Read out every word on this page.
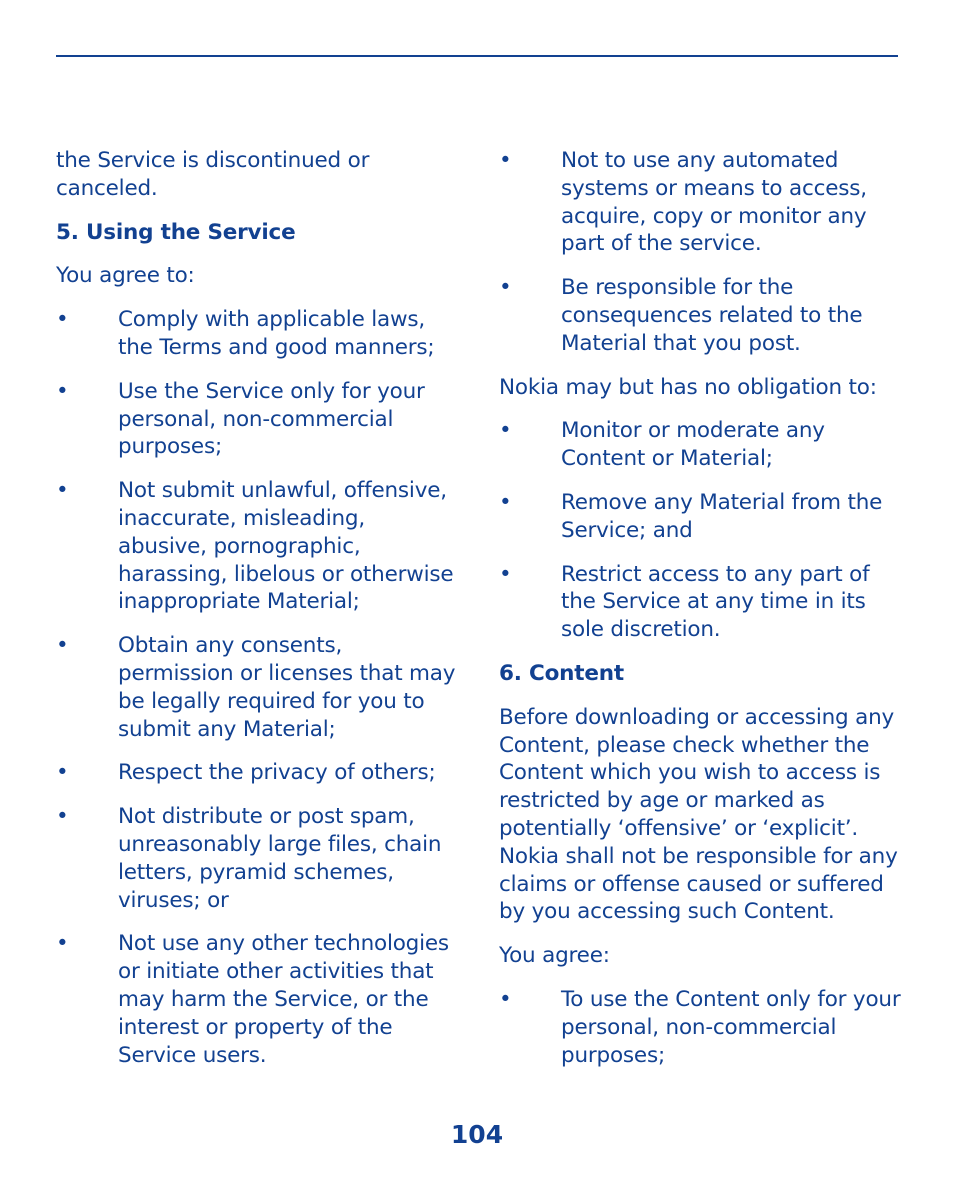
the Service is discontinued or canceled.

5. Using the Service

You agree to:

• Comply with applicable laws, the Terms and good manners;
• Use the Service only for your personal, non-commercial purposes;
• Not submit unlawful, offensive, inaccurate, misleading, abusive, pornographic, harassing, libelous or otherwise inappropriate Material;
• Obtain any consents, permission or licenses that may be legally required for you to submit any Material;
• Respect the privacy of others;
• Not distribute or post spam, unreasonably large files, chain letters, pyramid schemes, viruses; or
• Not use any other technologies or initiate other activities that may harm the Service, or the interest or property of the Service users.
• Not to use any automated systems or means to access, acquire, copy or monitor any part of the service.
• Be responsible for the consequences related to the Material that you post.

Nokia may but has no obligation to:

• Monitor or moderate any Content or Material;
• Remove any Material from the Service; and
• Restrict access to any part of the Service at any time in its sole discretion.

6. Content

Before downloading or accessing any Content, please check whether the Content which you wish to access is restricted by age or marked as potentially ‘offensive’ or ‘explicit’. Nokia shall not be responsible for any claims or offense caused or suffered by you accessing such Content.

You agree:

• To use the Content only for your personal, non-commercial purposes;
104
